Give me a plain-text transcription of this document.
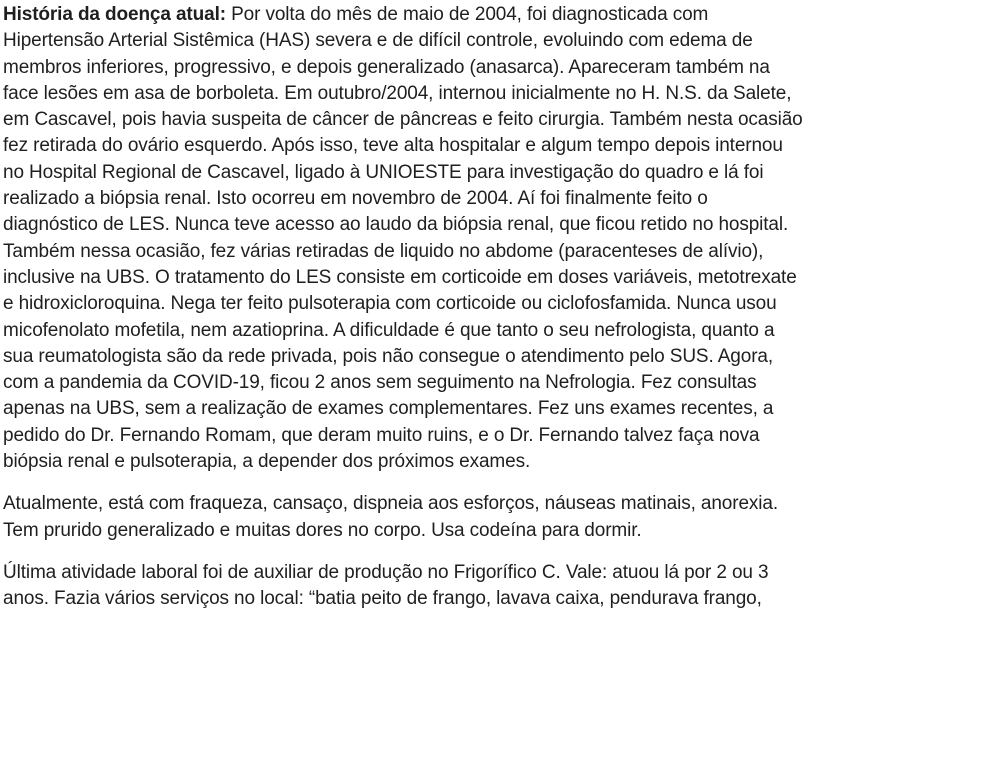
História da doença atual: Por volta do mês de maio de 2004, foi diagnosticada com
Hipertensão Arterial Sistêmica (HAS) severa e de difícil controle, evoluindo com edema de
membros inferiores, progressivo, e depois generalizado (anasarca). Apareceram também na
face lesões em asa de borboleta. Em outubro/2004, internou inicialmente no H. N.S. da Salete,
em Cascavel, pois havia suspeita de câncer de pâncreas e feito cirurgia. Também nesta ocasião
fez retirada do ovário esquerdo. Após isso, teve alta hospitalar e algum tempo depois internou
no Hospital Regional de Cascavel, ligado à UNIOESTE para investigação do quadro e lá foi
realizado a biópsia renal. Isto ocorreu em novembro de 2004. Aí foi finalmente feito o
diagnóstico de LES. Nunca teve acesso ao laudo da biópsia renal, que ficou retido no hospital.
Também nessa ocasião, fez várias retiradas de liquido no abdome (paracenteses de alívio),
inclusive na UBS. O tratamento do LES consiste em corticoide em doses variáveis, metotrexate
e hidroxicloroquina. Nega ter feito pulsoterapia com corticoide ou ciclofosfamida. Nunca usou
micofenolato mofetila, nem azatioprina. A dificuldade é que tanto o seu nefrologista, quanto a
sua reumatologista são da rede privada, pois não consegue o atendimento pelo SUS. Agora,
com a pandemia da COVID-19, ficou 2 anos sem seguimento na Nefrologia. Fez consultas
apenas na UBS, sem a realização de exames complementares. Fez uns exames recentes, a
pedido do Dr. Fernando Romam, que deram muito ruins, e o Dr. Fernando talvez faça nova
biópsia renal e pulsoterapia, a depender dos próximos exames.
Atualmente, está com fraqueza, cansaço, dispneia aos esforços, náuseas matinais, anorexia.
Tem prurido generalizado e muitas dores no corpo. Usa codeína para dormir.
Última atividade laboral foi de auxiliar de produção no Frigorífico C. Vale: atuou lá por 2 ou 3
anos. Fazia vários serviços no local: “batia peito de frango, lavava caixa, pendurava frango,
